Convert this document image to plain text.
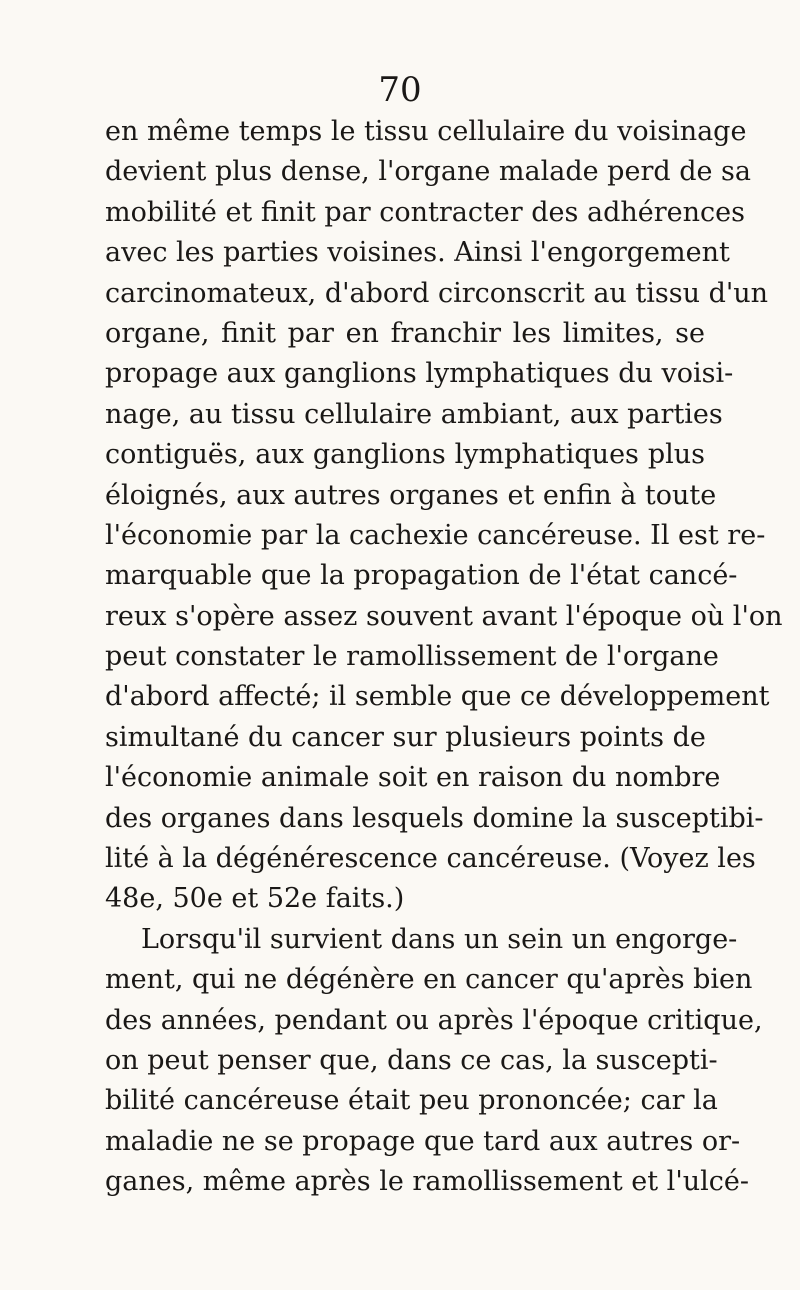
70
en même temps le tissu cellulaire du voisinage
devient plus dense, l'organe malade perd de sa
mobilité et finit par contracter des adhérences
avec les parties voisines. Ainsi l'engorgement
carcinomateux, d'abord circonscrit au tissu d'un
organe, finit par en franchir les limites, se
propage aux ganglions lymphatiques du voisi-
nage, au tissu cellulaire ambiant, aux parties
contiguës, aux ganglions lymphatiques plus
éloignés, aux autres organes et enfin à toute
l'économie par la cachexie cancéreuse. Il est re-
marquable que la propagation de l'état cancé-
reux s'opère assez souvent avant l'époque où l'on
peut constater le ramollissement de l'organe
d'abord affecté; il semble que ce développement
simultané du cancer sur plusieurs points de
l'économie animale soit en raison du nombre
des organes dans lesquels domine la susceptibi-
lité à la dégénérescence cancéreuse. (Voyez les
48e, 50e et 52e faits.)
Lorsqu'il survient dans un sein un engorge-
ment, qui ne dégénère en cancer qu'après bien
des années, pendant ou après l'époque critique,
on peut penser que, dans ce cas, la suscepti-
bilité cancéreuse était peu prononcée; car la
maladie ne se propage que tard aux autres or-
ganes, même après le ramollissement et l'ulcé-
